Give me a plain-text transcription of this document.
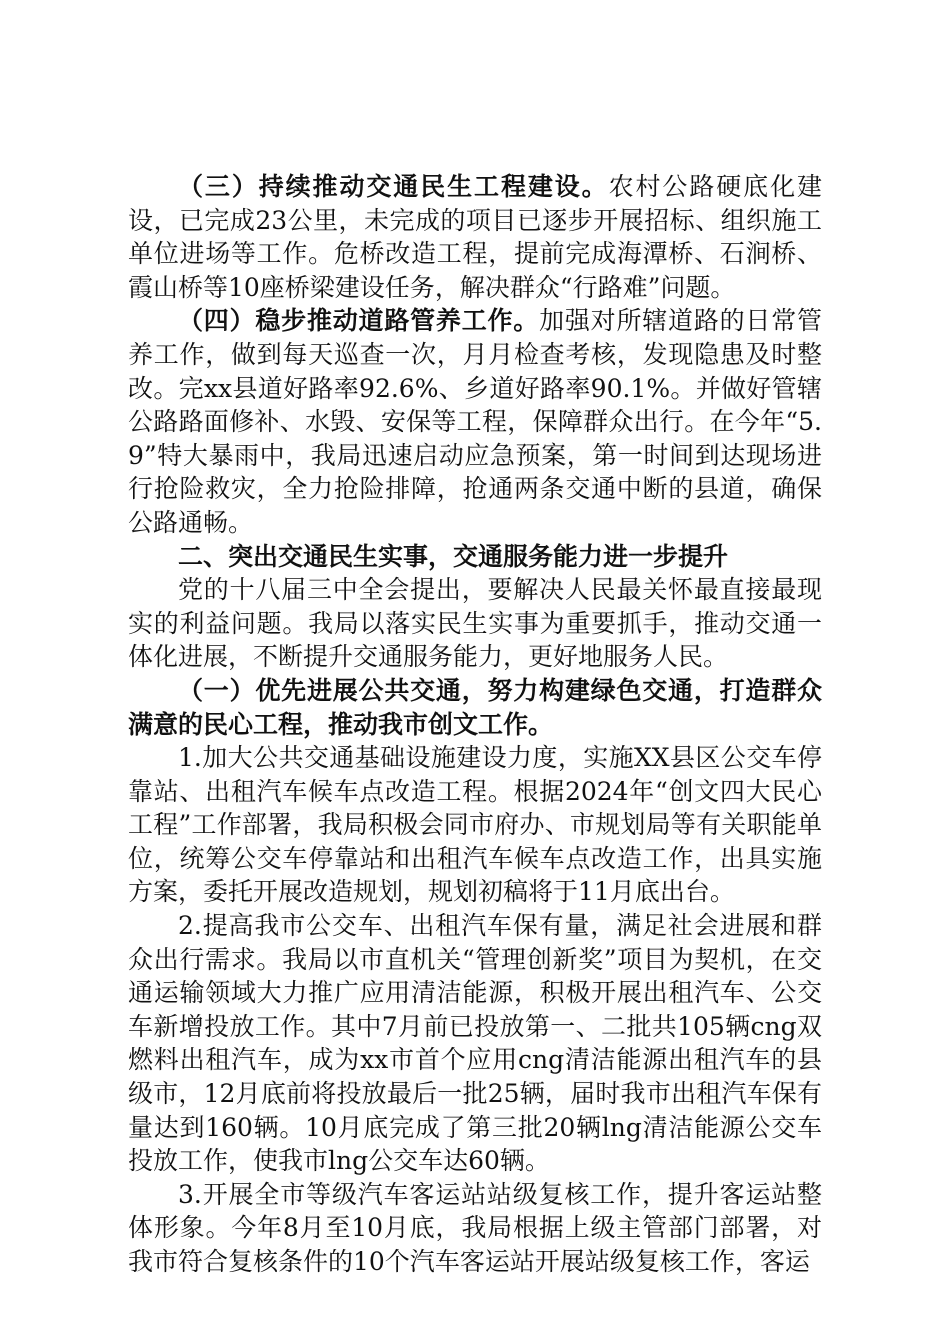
（三）持续推动交通民生工程建设。农村公路硬底化建设，已完成23公里，未完成的项目已逐步开展招标、组织施工单位进场等工作。危桥改造工程，提前完成海潭桥、石涧桥、霞山桥等10座桥梁建设任务，解决群众“行路难”问题。

（四）稳步推动道路管养工作。加强对所辖道路的日常管养工作，做到每天巡查一次，月月检查考核，发现隐患及时整改。完xx县道好路率92.6%、乡道好路率90.1%。并做好管辖公路路面修补、水毁、安保等工程，保障群众出行。在今年“5.9”特大暴雨中，我局迅速启动应急预案，第一时间到达现场进行抢险救灾，全力抢险排障，抢通两条交通中断的县道，确保公路通畅。

二、突出交通民生实事，交通服务能力进一步提升

党的十八届三中全会提出，要解决人民最关怀最直接最现实的利益问题。我局以落实民生实事为重要抓手，推动交通一体化进展，不断提升交通服务能力，更好地服务人民。

（一）优先进展公共交通，努力构建绿色交通，打造群众满意的民心工程，推动我市创文工作。

1.加大公共交通基础设施建设力度，实施XX县区公交车停靠站、出租汽车候车点改造工程。根据2024年“创文四大民心工程”工作部署，我局积极会同市府办、市规划局等有关职能单位，统筹公交车停靠站和出租汽车候车点改造工作，出具实施方案，委托开展改造规划，规划初稿将于11月底出台。

2.提高我市公交车、出租汽车保有量，满足社会进展和群众出行需求。我局以市直机关“管理创新奖”项目为契机，在交通运输领域大力推广应用清洁能源，积极开展出租汽车、公交车新增投放工作。其中7月前已投放第一、二批共105辆cng双燃料出租汽车，成为xx市首个应用cng清洁能源出租汽车的县级市，12月底前将投放最后一批25辆，届时我市出租汽车保有量达到160辆。10月底完成了第三批20辆lng清洁能源公交车投放工作，使我市lng公交车达60辆。

3.开展全市等级汽车客运站站级复核工作，提升客运站整体形象。今年8月至10月底，我局根据上级主管部门部署，对我市符合复核条件的10个汽车客运站开展站级复核工作，客运
